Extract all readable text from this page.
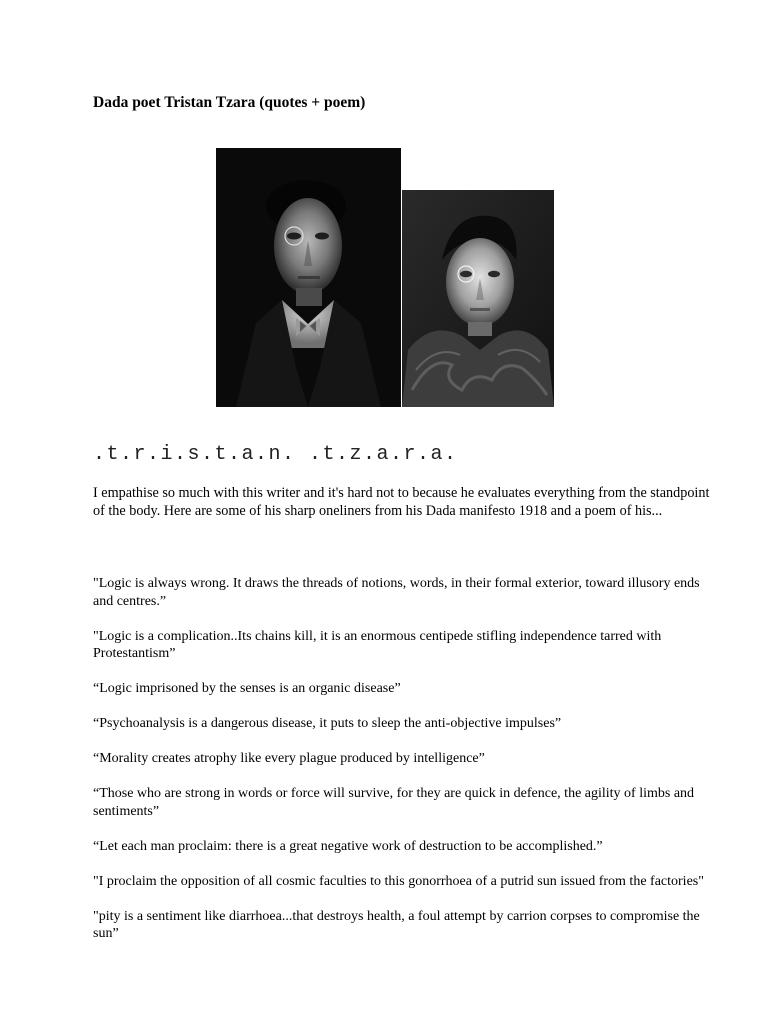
Dada poet Tristan Tzara (quotes + poem)
.t.r.i.s.t.a.n. .t.z.a.r.a.

I empathise so much with this writer and it's hard not to because he evaluates everything from the standpoint of the body. Here are some of his sharp oneliners from his Dada manifesto 1918 and a poem of his...

"Logic is always wrong. It draws the threads of notions, words, in their formal exterior, toward illusory ends and centres.”
"Logic is a complication..Its chains kill, it is an enormous centipede stifling independence tarred with Protestantism”
“Logic imprisoned by the senses is an organic disease”
“Psychoanalysis is a dangerous disease, it puts to sleep the anti-objective impulses”
“Morality creates atrophy like every plague produced by intelligence”
“Those who are strong in words or force will survive, for they are quick in defence, the agility of limbs and sentiments”
“Let each man proclaim: there is a great negative work of destruction to be accomplished.”
"I proclaim the opposition of all cosmic faculties to this gonorrhoea of a putrid sun issued from the factories"
"pity is a sentiment like diarrhoea...that destroys health, a foul attempt by carrion corpses to compromise the sun”
